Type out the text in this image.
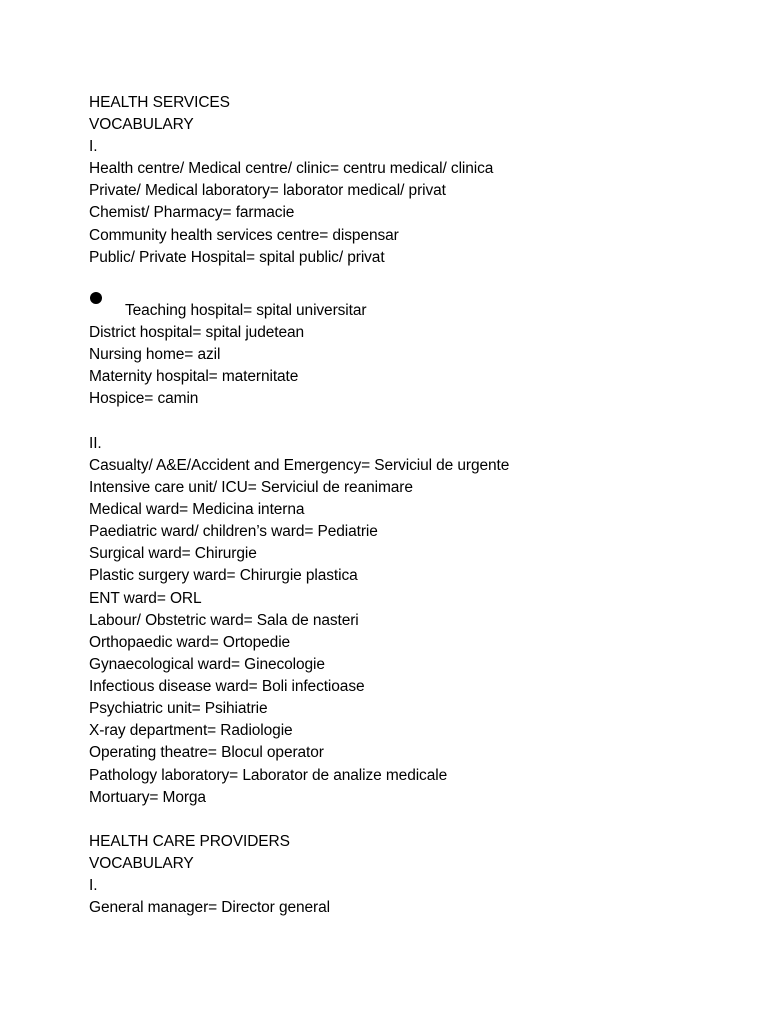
HEALTH SERVICES
VOCABULARY
I.
Health centre/ Medical centre/ clinic= centru medical/ clinica
Private/ Medical laboratory= laborator medical/ privat
Chemist/ Pharmacy= farmacie
Community health services centre= dispensar
Public/ Private Hospital= spital public/ privat
Teaching hospital= spital universitar
District hospital= spital judetean
Nursing home= azil
Maternity hospital= maternitate
Hospice= camin
II.
Casualty/ A&E/Accident and Emergency= Serviciul de urgente
Intensive care unit/ ICU= Serviciul de reanimare
Medical ward= Medicina interna
Paediatric ward/ children’s ward= Pediatrie
Surgical ward= Chirurgie
Plastic surgery ward= Chirurgie plastica
ENT ward= ORL
Labour/ Obstetric ward= Sala de nasteri
Orthopaedic ward= Ortopedie
Gynaecological ward= Ginecologie
Infectious disease ward= Boli infectioase
Psychiatric unit= Psihiatrie
X-ray department= Radiologie
Operating theatre= Blocul operator
Pathology laboratory= Laborator de analize medicale
Mortuary= Morga
HEALTH CARE PROVIDERS
VOCABULARY
I.
General manager= Director general
